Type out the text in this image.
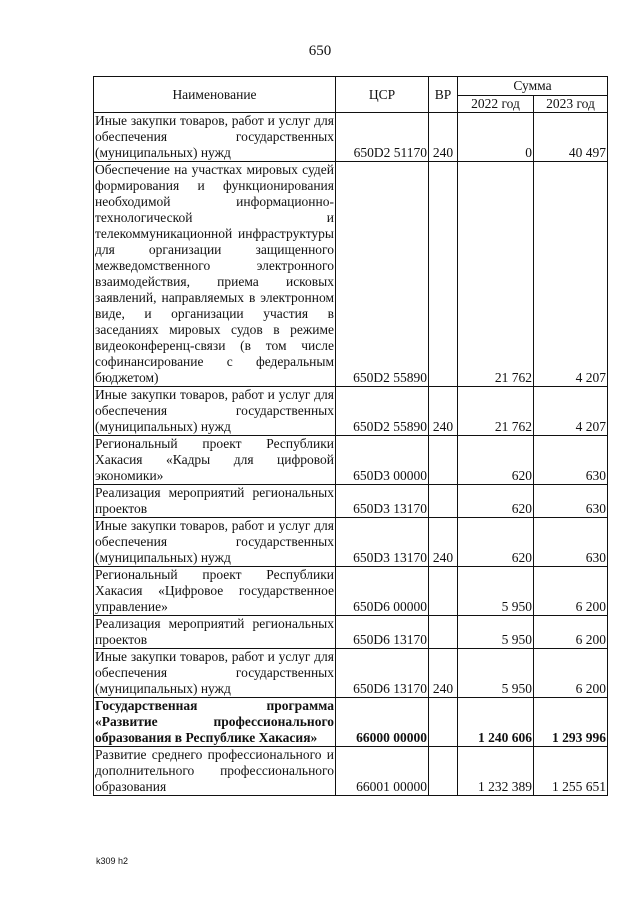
650
Наименование	ЦСР	ВР	Сумма	
			2022 год	2023 год
Иные закупки товаров, работ и услуг для обеспечения государственных (муниципальных) нужд	650D2 51170	240	0	40 497
Обеспечение на участках мировых судей формирования и функционирования необходимой информационно-технологической и телекоммуникационной инфраструктуры для организации защищенного межведомственного электронного взаимодействия, приема исковых заявлений, направляемых в электронном виде, и организации участия в заседаниях мировых судов в режиме видеоконференц-связи (в том числе софинансирование с федеральным бюджетом)	650D2 55890		21 762	4 207
Иные закупки товаров, работ и услуг для обеспечения государственных (муниципальных) нужд	650D2 55890	240	21 762	4 207
Региональный проект Республики Хакасия «Кадры для цифровой экономики»	650D3 00000		620	630
Реализация мероприятий региональных проектов	650D3 13170		620	630
Иные закупки товаров, работ и услуг для обеспечения государственных (муниципальных) нужд	650D3 13170	240	620	630
Региональный проект Республики Хакасия «Цифровое государственное управление»	650D6 00000		5 950	6 200
Реализация мероприятий региональных проектов	650D6 13170		5 950	6 200
Иные закупки товаров, работ и услуг для обеспечения государственных (муниципальных) нужд	650D6 13170	240	5 950	6 200
Государственная программа «Развитие профессионального образования в Республике Хакасия»	66000 00000		1 240 606	1 293 996
Развитие среднего профессионального и дополнительного профессионального образования	66001 00000		1 232 389	1 255 651
k309 h2
